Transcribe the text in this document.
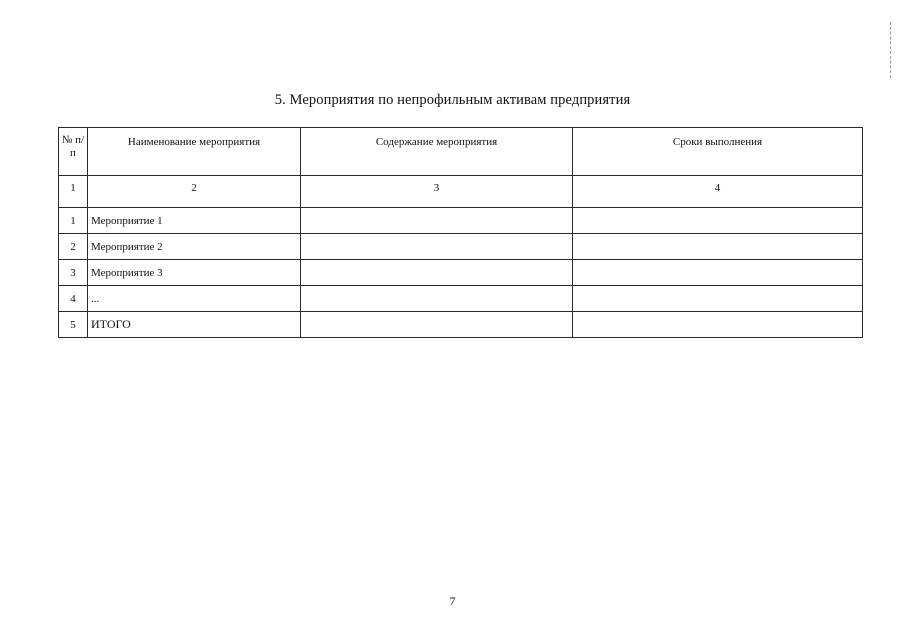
5. Мероприятия по непрофильным активам предприятия
№ п/п	Наименование мероприятия	Содержание мероприятия	Сроки выполнения
1	2	3	4
1	Мероприятие 1		
2	Мероприятие 2		
3	Мероприятие 3		
4	...		
5	ИТОГО		
7
